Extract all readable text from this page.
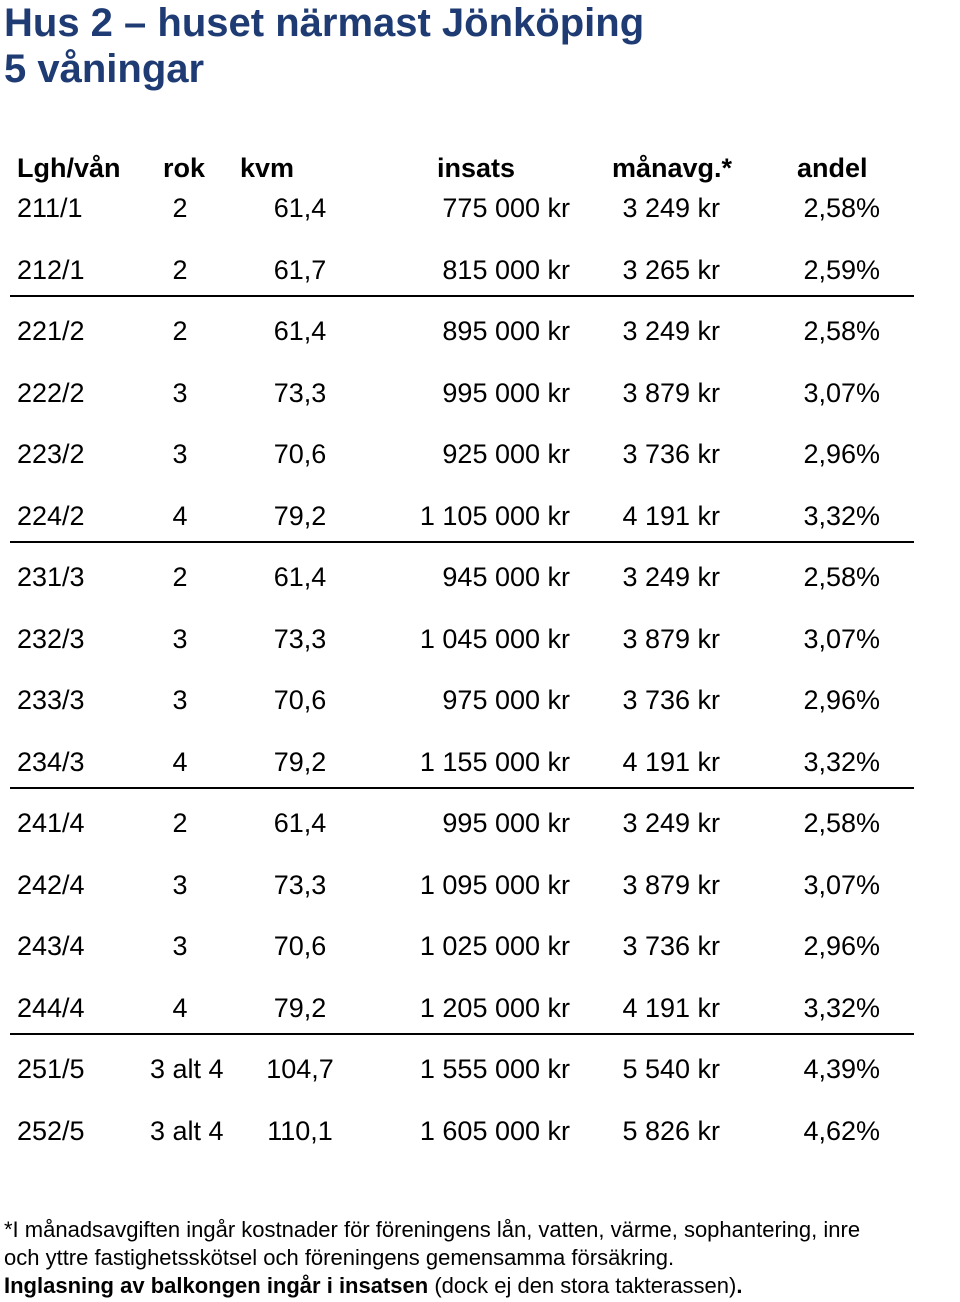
Hus 2 – huset närmast Jönköping
5 våningar
Lgh/vån rok kvm	insats	månavg.* andel
211/1	2	61,4	775 000 kr	3 249 kr	2,58%
212/1	2	61,7	815 000 kr	3 265 kr	2,59%
221/2	2	61,4	895 000 kr	3 249 kr	2,58%
222/2	3	73,3	995 000 kr	3 879 kr	3,07%
223/2	3	70,6	925 000 kr	3 736 kr	2,96%
224/2	4	79,2	1 105 000 kr	4 191 kr	3,32%
231/3	2	61,4	945 000 kr	3 249 kr	2,58%
232/3	3	73,3	1 045 000 kr	3 879 kr	3,07%
233/3	3	70,6	975 000 kr	3 736 kr	2,96%
234/3	4	79,2	1 155 000 kr	4 191 kr	3,32%
241/4	2	61,4	995 000 kr	3 249 kr	2,58%
242/4	3	73,3	1 095 000 kr	3 879 kr	3,07%
243/4	3	70,6	1 025 000 kr	3 736 kr	2,96%
244/4	4	79,2	1 205 000 kr	4 191 kr	3,32%
251/5 3 alt 4	104,7	1 555 000 kr	5 540 kr	4,39%
252/5 3 alt 4	110,1	1 605 000 kr	5 826 kr	4,62%

*I månadsavgiften ingår kostnader för föreningens lån, vatten, värme, sophantering, inre

och yttre fastighetsskötsel och föreningens gemensamma försäkring.

Inglasning av balkongen ingår i insatsen (dock ej den stora takterassen).
